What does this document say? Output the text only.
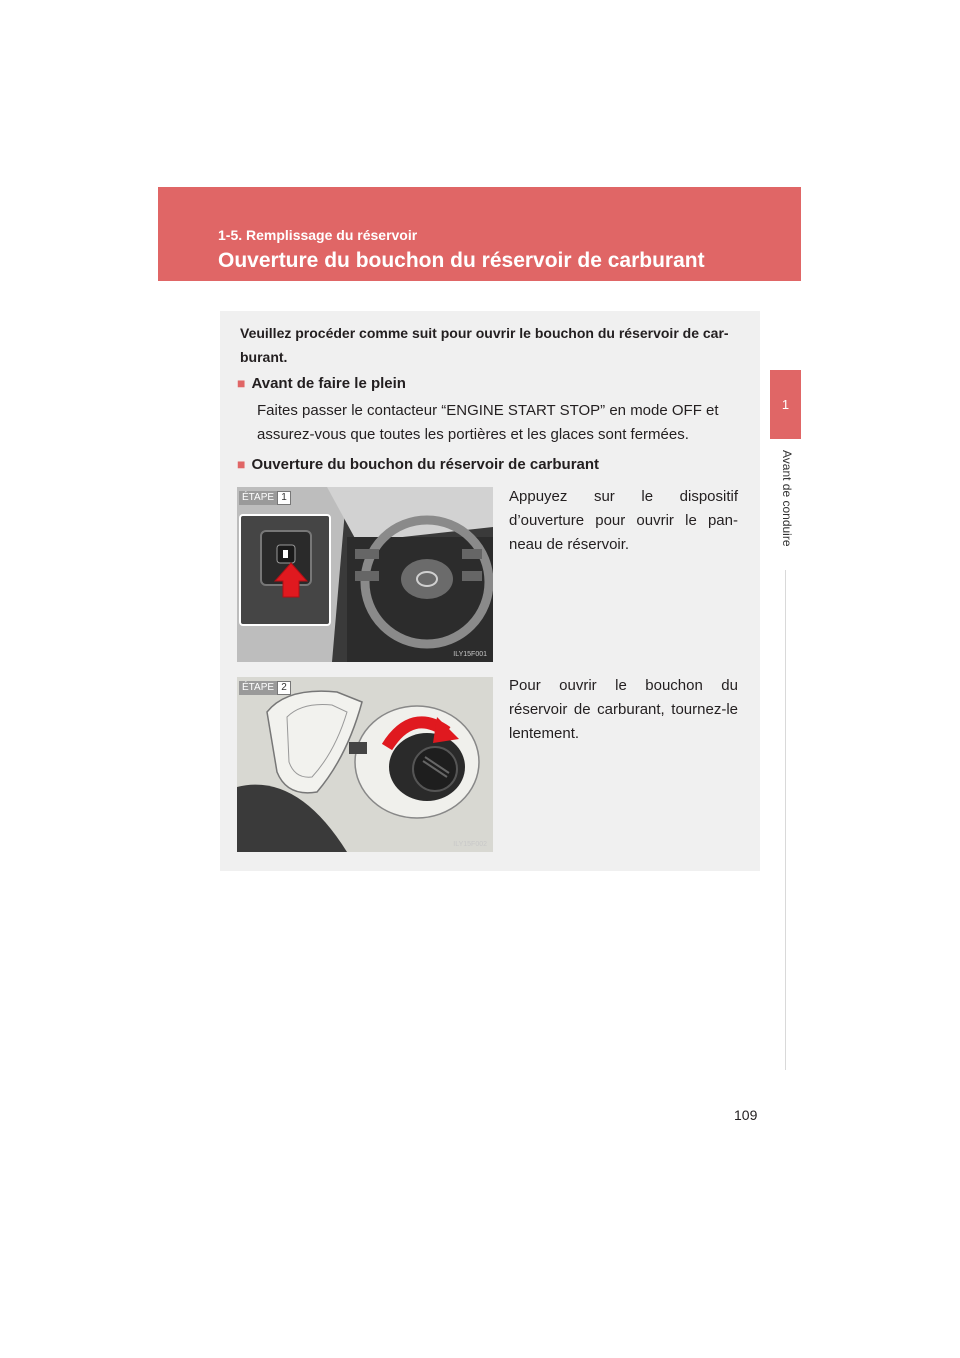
1-5. Remplissage du réservoir
Ouverture du bouchon du réservoir de carburant
1
Avant de conduire
Veuillez procéder comme suit pour ouvrir le bouchon du réservoir de car-burant.
■ Avant de faire le plein
Faites passer le contacteur “ENGINE START STOP” en mode OFF et assurez-vous que toutes les portières et les glaces sont fermées.
■ Ouverture du bouchon du réservoir de carburant
ÉTAPE 1
ILY15F001
Appuyez sur le dispositif d’ouverture pour ouvrir le pan-neau de réservoir.
ÉTAPE 2
ILY15F002
Pour ouvrir le bouchon du réservoir de carburant, tournez-le lentement.
109
